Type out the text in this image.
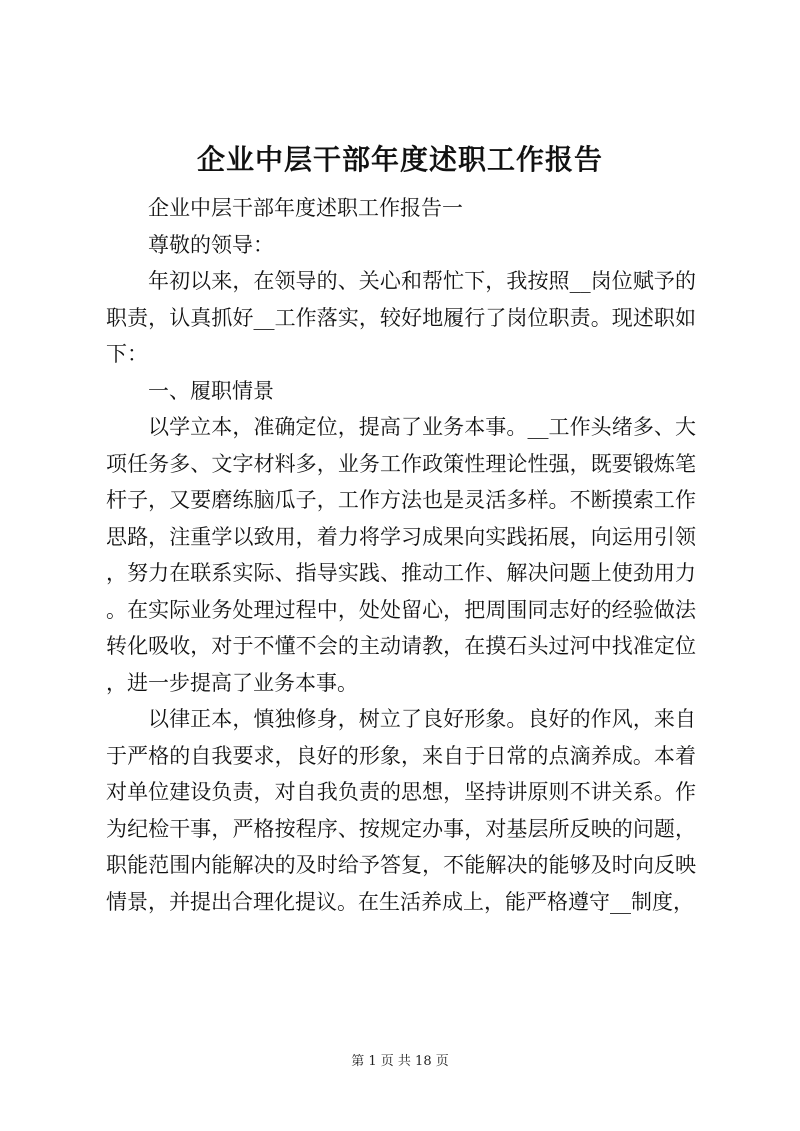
企业中层干部年度述职工作报告

企业中层干部年度述职工作报告一

尊敬的领导：

年初以来，在领导的、关心和帮忙下，我按照__岗位赋予的职责，认真抓好__工作落实，较好地履行了岗位职责。现述职如下：

一、履职情景

以学立本，准确定位，提高了业务本事。__工作头绪多、大项任务多、文字材料多，业务工作政策性理论性强，既要锻炼笔杆子，又要磨练脑瓜子，工作方法也是灵活多样。不断摸索工作思路，注重学以致用，着力将学习成果向实践拓展，向运用引领，努力在联系实际、指导实践、推动工作、解决问题上使劲用力。在实际业务处理过程中，处处留心，把周围同志好的经验做法转化吸收，对于不懂不会的主动请教，在摸石头过河中找准定位，进一步提高了业务本事。

以律正本，慎独修身，树立了良好形象。良好的作风，来自于严格的自我要求，良好的形象，来自于日常的点滴养成。本着对单位建设负责，对自我负责的思想，坚持讲原则不讲关系。作为纪检干事，严格按程序、按规定办事，对基层所反映的问题，职能范围内能解决的及时给予答复，不能解决的能够及时向反映情景，并提出合理化提议。在生活养成上，能严格遵守__制度，

第 1 页 共 18 页
